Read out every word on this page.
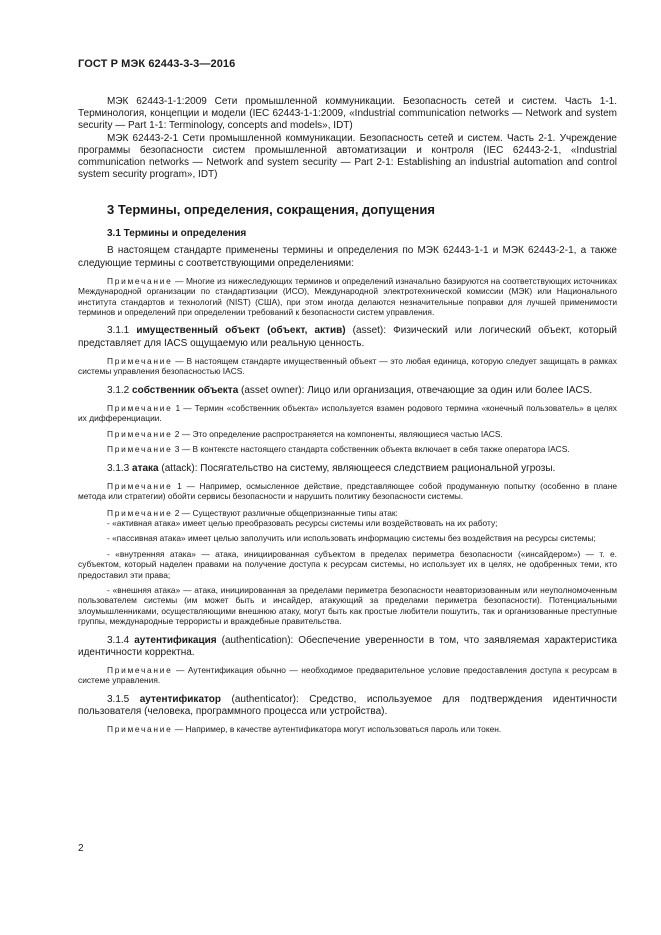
ГОСТ Р МЭК 62443-3-3—2016

МЭК 62443-1-1:2009 Сети промышленной коммуникации. Безопасность сетей и систем. Часть 1-1. Терминология, концепции и модели (IEC 62443-1-1:2009, «Industrial communication networks — Network and system security — Part 1-1: Terminology, concepts and models», IDT)

МЭК 62443-2-1 Сети промышленной коммуникации. Безопасность сетей и систем. Часть 2-1. Учреждение программы безопасности систем промышленной автоматизации и контроля (IEC 62443-2-1, «Industrial communication networks — Network and system security — Part 2-1: Establishing an industrial automation and control system security program», IDT)

3 Термины, определения, сокращения, допущения

3.1 Термины и определения

В настоящем стандарте применены термины и определения по МЭК 62443-1-1 и МЭК 62443-2-1, а также следующие термины с соответствующими определениями:

Примечание — Многие из нижеследующих терминов и определений изначально базируются на соответствующих источниках Международной организации по стандартизации (ИСО), Международной электротехнической комиссии (МЭК) или Национального института стандартов и технологий (NIST) (США), при этом иногда делаются незначительные поправки для лучшей применимости терминов и определений при определении требований к безопасности систем управления.

3.1.1 имущественный объект (объект, актив) (asset): Физический или логический объект, который представляет для IACS ощущаемую или реальную ценность.

Примечание — В настоящем стандарте имущественный объект — это любая единица, которую следует защищать в рамках системы управления безопасностью IACS.

3.1.2 собственник объекта (asset owner): Лицо или организация, отвечающие за один или более IACS.

Примечание 1 — Термин «собственник объекта» используется взамен родового термина «конечный пользователь» в целях их дифференциации.

Примечание 2 — Это определение распространяется на компоненты, являющиеся частью IACS.

Примечание 3 — В контексте настоящего стандарта собственник объекта включает в себя также оператора IACS.

3.1.3 атака (attack): Посягательство на систему, являющееся следствием рациональной угрозы.

Примечание 1 — Например, осмысленное действие, представляющее собой продуманную попытку (особенно в плане метода или стратегии) обойти сервисы безопасности и нарушить политику безопасности системы.

Примечание 2 — Существуют различные общепризнанные типы атак:

- «активная атака» имеет целью преобразовать ресурсы системы или воздействовать на их работу;

- «пассивная атака» имеет целью заполучить или использовать информацию системы без воздействия на ресурсы системы;

- «внутренняя атака» — атака, инициированная субъектом в пределах периметра безопасности («инсайдером») — т. е. субъектом, который наделен правами на получение доступа к ресурсам системы, но использует их в целях, не одобренных теми, кто предоставил эти права;

- «внешняя атака» — атака, инициированная за пределами периметра безопасности неавторизованным или неуполномоченным пользователем системы (им может быть и инсайдер, атакующий за пределами периметра безопасности). Потенциальными злоумышленниками, осуществляющими внешнюю атаку, могут быть как простые любители пошутить, так и организованные преступные группы, международные террористы и враждебные правительства.

3.1.4 аутентификация (authentication): Обеспечение уверенности в том, что заявляемая характеристика идентичности корректна.

Примечание — Аутентификация обычно — необходимое предварительное условие предоставления доступа к ресурсам в системе управления.

3.1.5 аутентификатор (authenticator): Средство, используемое для подтверждения идентичности пользователя (человека, программного процесса или устройства).

Примечание — Например, в качестве аутентификатора могут использоваться пароль или токен.

2
